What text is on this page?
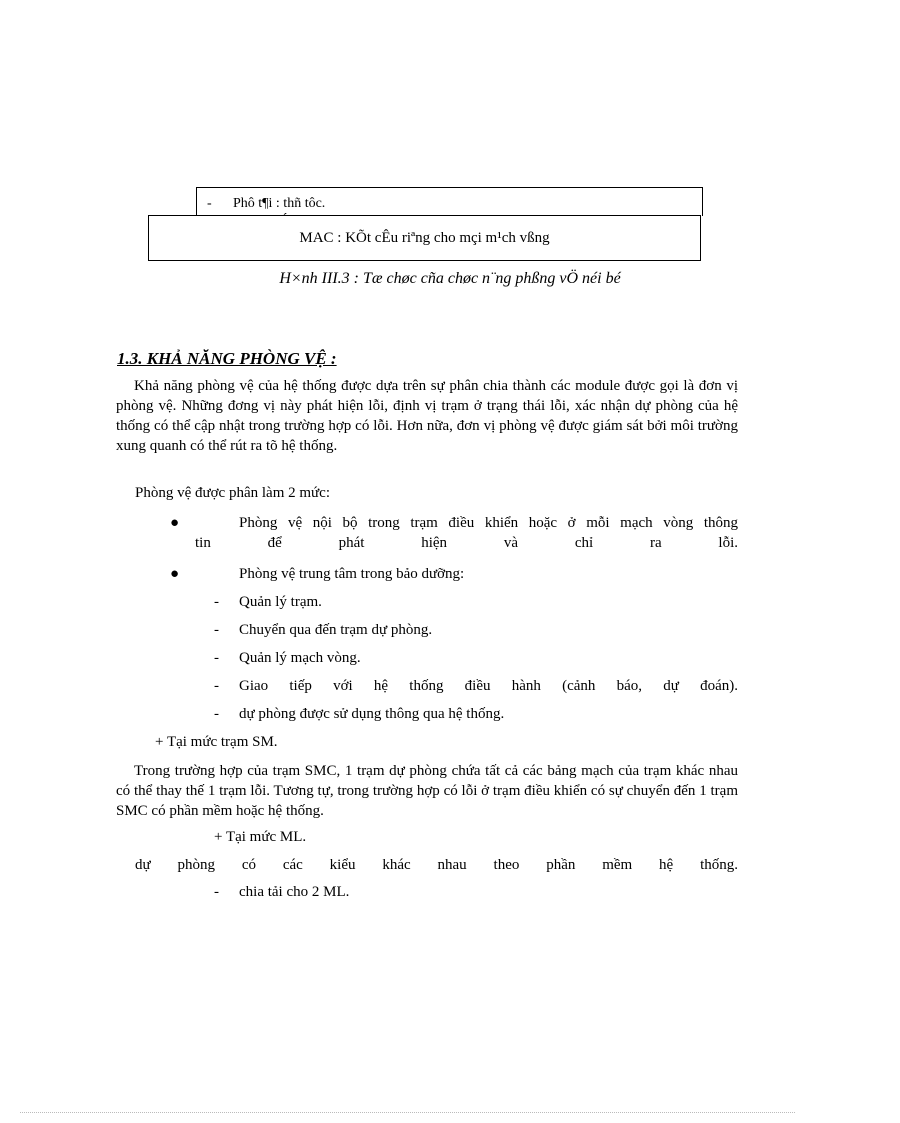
- Phô t¶i : thñ tôc.
MAC : KÕt cÊu riªng cho mçi m¹ch vßng
H×nh III.3 : Tæ chøc cña chøc n¨ng phßng vÖ néi bé
1.3. KHẢ NĂNG PHÒNG VỆ :
Khả năng phòng vệ của hệ thống được dựa trên sự phân chia thành các module được gọi là đơn vị phòng vệ. Những đơng vị này phát hiện lỗi, định vị trạm ở trạng thái lỗi, xác nhận dự phòng của hệ thống có thể cập nhật trong trường hợp có lỗi. Hơn nữa, đơn vị phòng vệ được giám sát bởi môi trường xung quanh có thể rút ra tõ hệ thống.
Phòng vệ được phân làm 2 mức:
●	Phòng vệ nội bộ trong trạm điều khiển hoặc ở mỗi mạch vòng thông
tin để phát hiện và chỉ ra lỗi.
●	Phòng vệ trung tâm trong bảo dưỡng:
- Quản lý trạm.
- Chuyển qua đến trạm dự phòng.
- Quản lý mạch vòng.
- Giao tiếp với hệ thống điều hành (cảnh báo, dự đoán).
- dự phòng được sử dụng thông qua hệ thống.
+ Tại mức trạm SM.
Trong trường hợp của trạm SMC, 1 trạm dự phòng chứa tất cả các bảng mạch của trạm khác nhau có thể thay thế 1 trạm lỗi. Tương tự, trong trường hợp có lỗi ở trạm điều khiển có sự chuyển đến 1 trạm SMC có phần mềm hoặc hệ thống.
+ Tại mức ML.
dự phòng có các kiểu khác nhau theo phần mềm hệ thống.
- chia tải cho 2 ML.
